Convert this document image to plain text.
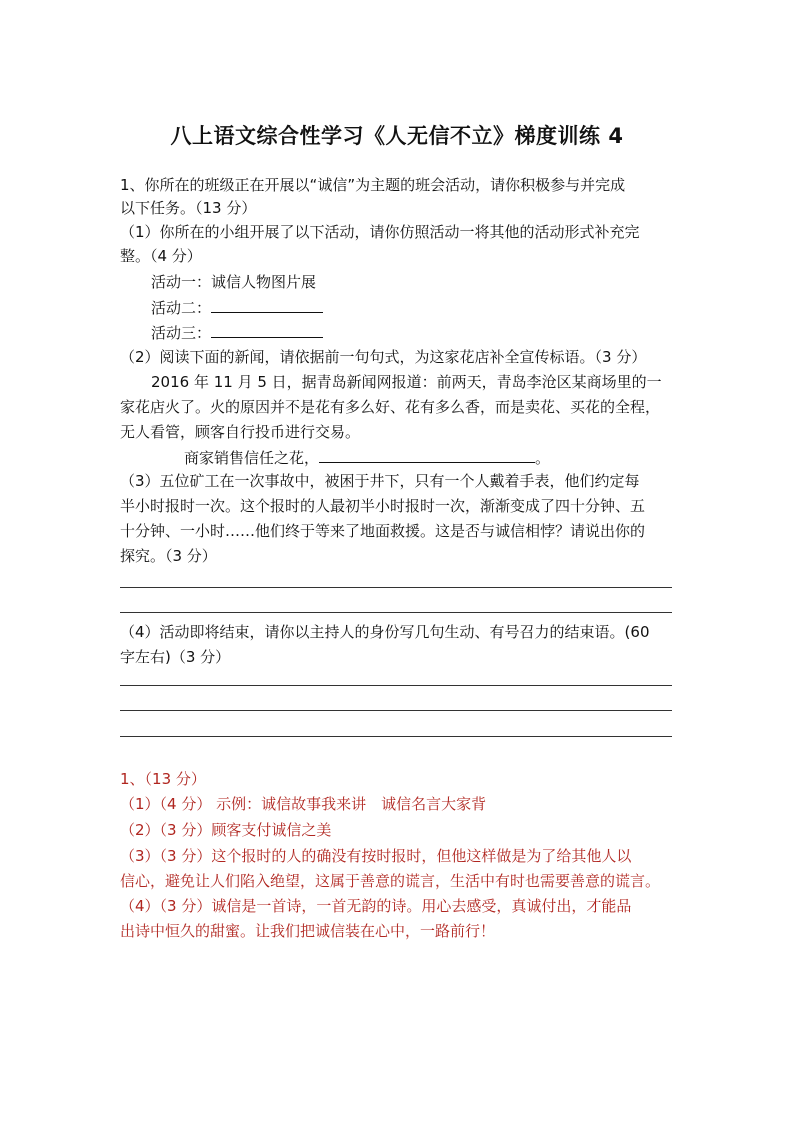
八上语文综合性学习《人无信不立》梯度训练 4
1、你所在的班级正在开展以“诚信”为主题的班会活动，请你积极参与并完成
以下任务。（13 分）
（1）你所在的小组开展了以下活动，请你仿照活动一将其他的活动形式补充完
整。（4 分）
活动一：诚信人物图片展
活动二：
活动三：
（2）阅读下面的新闻，请依据前一句句式，为这家花店补全宣传标语。（3 分）
2016 年 11 月 5 日，据青岛新闻网报道：前两天，青岛李沧区某商场里的一
家花店火了。火的原因并不是花有多么好、花有多么香，而是卖花、买花的全程，
无人看管，顾客自行投币进行交易。
商家销售信任之花，	。
（3）五位矿工在一次事故中，被困于井下，只有一个人戴着手表，他们约定每
半小时报时一次。这个报时的人最初半小时报时一次，渐渐变成了四十分钟、五
十分钟、一小时……他们终于等来了地面救援。这是否与诚信相悖？请说出你的
探究。（3 分）
（4）活动即将结束，请你以主持人的身份写几句生动、有号召力的结束语。(60
字左右)（3 分）
1、（13 分）
（1）（4 分） 示例：诚信故事我来讲　诚信名言大家背
（2）（3 分）顾客支付诚信之美
（3）（3 分）这个报时的人的确没有按时报时，但他这样做是为了给其他人以
信心，避免让人们陷入绝望，这属于善意的谎言，生活中有时也需要善意的谎言。
（4）（3 分）诚信是一首诗，一首无韵的诗。用心去感受，真诚付出，才能品
出诗中恒久的甜蜜。让我们把诚信装在心中，一路前行！
